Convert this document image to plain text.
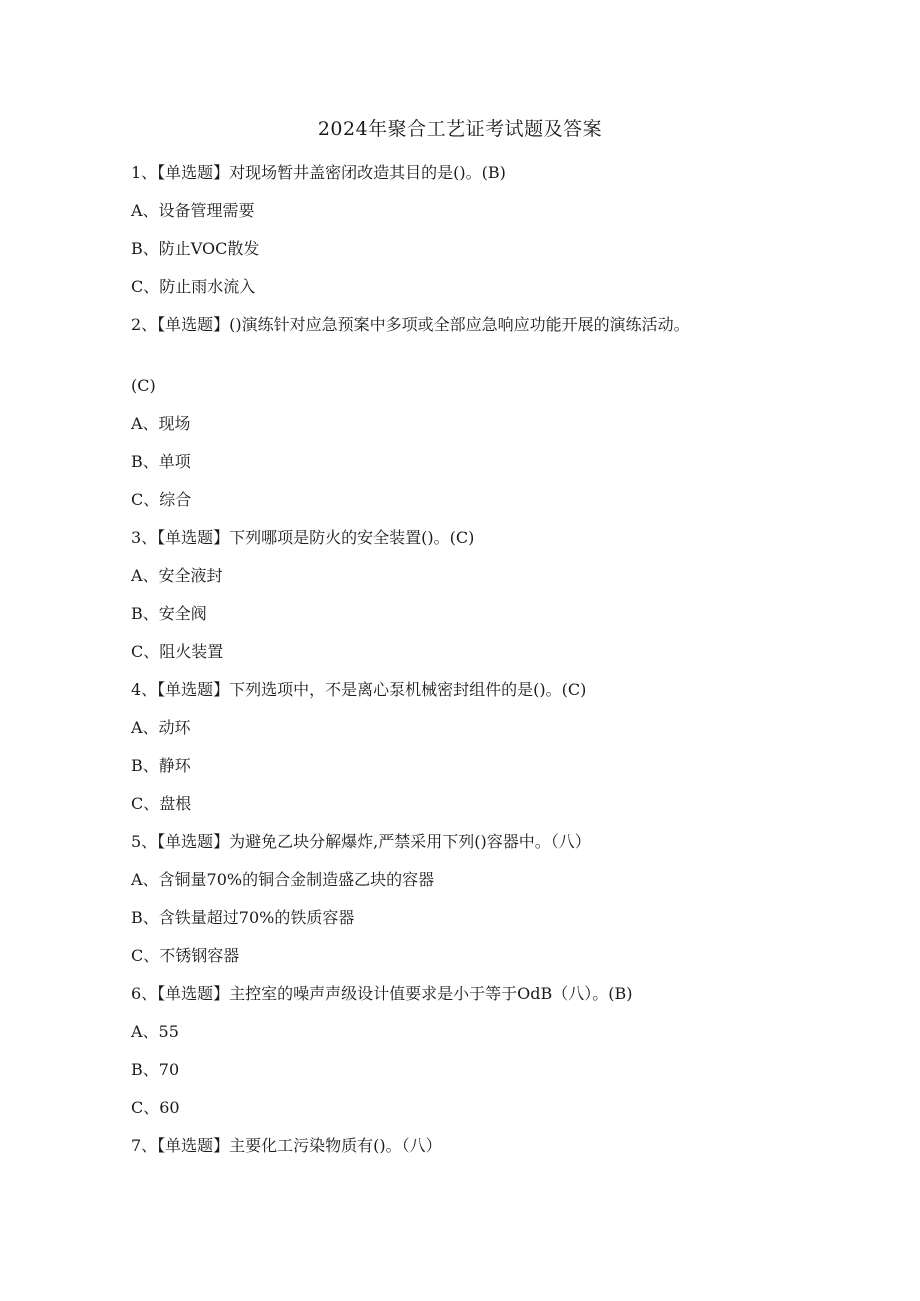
2024年聚合工艺证考试题及答案
1、【单选题】对现场暂井盖密闭改造其目的是()。(B)
A、设备管理需要
B、防止VOC散发
C、防止雨水流入
2、【单选题】()演练针对应急预案中多项或全部应急响应功能开展的演练活动。
(C)
A、现场
B、单项
C、综合
3、【单选题】下列哪项是防火的安全装置()。(C)
A、安全液封
B、安全阀
C、阻火装置
4、【单选题】下列选项中，不是离心泵机械密封组件的是()。(C)
A、动环
B、静环
C、盘根
5、【单选题】为避免乙块分解爆炸,严禁采用下列()容器中。（八）
A、含铜量70%的铜合金制造盛乙块的容器
B、含铁量超过70%的铁质容器
C、不锈钢容器
6、【单选题】主控室的噪声声级设计值要求是小于等于OdB（八）。(B)
A、55
B、70
C、60
7、【单选题】主要化工污染物质有()。（八）
